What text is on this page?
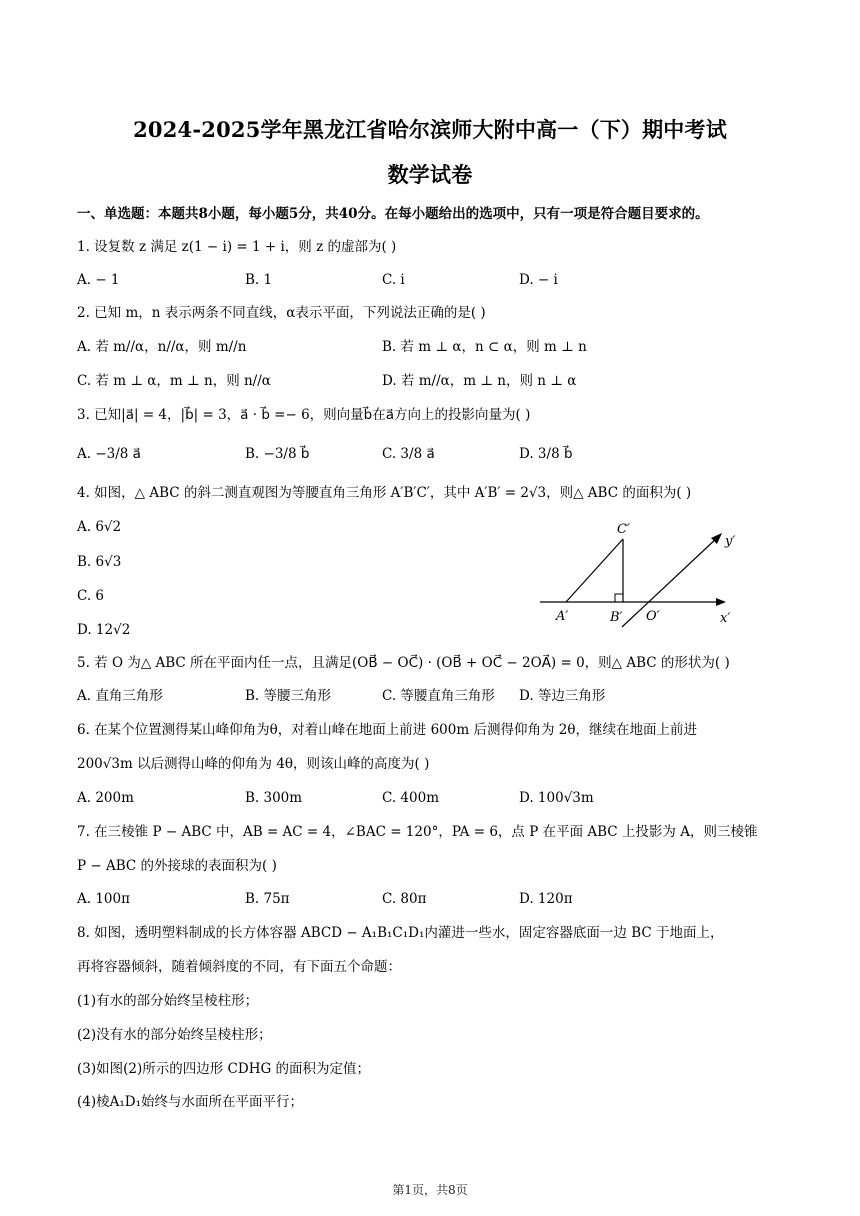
2024-2025学年黑龙江省哈尔滨师大附中高一（下）期中考试
数学试卷
一、单选题：本题共8小题，每小题5分，共40分。在每小题给出的选项中，只有一项是符合题目要求的。
1. 设复数 z 满足 z(1 − i) = 1 + i，则 z 的虚部为( )
A. − 1	B. 1	C. i	D. − i
2. 已知 m，n 表示两条不同直线，α表示平面，下列说法正确的是( )
A. 若 m//α，n//α，则 m//n	B. 若 m ⊥ α，n ⊂ α，则 m ⊥ n
C. 若 m ⊥ α，m ⊥ n，则 n//α	D. 若 m//α，m ⊥ n，则 n ⊥ α
3. 已知|a⃗| = 4，|b⃗| = 3，a⃗ · b⃗ =− 6，则向量b⃗在a⃗方向上的投影向量为( )
A. −3/8 a⃗	B. −3/8 b⃗	C. 3/8 a⃗	D. 3/8 b⃗
4. 如图，△ ABC 的斜二测直观图为等腰直角三角形 A′B′C′，其中 A′B′ = 2√3，则△ ABC 的面积为( )
A. 6√2
B. 6√3
C. 6
D. 12√2
C′
y′
A′	B′ O′	x′
5. 若 O 为△ ABC 所在平面内任一点，且满足(OB⃗ − OC⃗) · (OB⃗ + OC⃗ − 2OA⃗) = 0，则△ ABC 的形状为( )
A. 直角三角形	B. 等腰三角形	C. 等腰直角三角形 D. 等边三角形
6. 在某个位置测得某山峰仰角为θ，对着山峰在地面上前进 600m 后测得仰角为 2θ，继续在地面上前进
200√3m 以后测得山峰的仰角为 4θ，则该山峰的高度为( )
A. 200m	B. 300m	C. 400m	D. 100√3m
7. 在三棱锥 P − ABC 中，AB = AC = 4，∠BAC = 120°，PA = 6，点 P 在平面 ABC 上投影为 A，则三棱锥
P − ABC 的外接球的表面积为( )
A. 100π	B. 75π	C. 80π	D. 120π
8. 如图，透明塑料制成的长方体容器 ABCD − A₁B₁C₁D₁内灌进一些水，固定容器底面一边 BC 于地面上，
再将容器倾斜，随着倾斜度的不同，有下面五个命题：
(1)有水的部分始终呈棱柱形；
(2)没有水的部分始终呈棱柱形；
(3)如图(2)所示的四边形 CDHG 的面积为定值；
(4)棱A₁D₁始终与水面所在平面平行；
第1页，共8页
